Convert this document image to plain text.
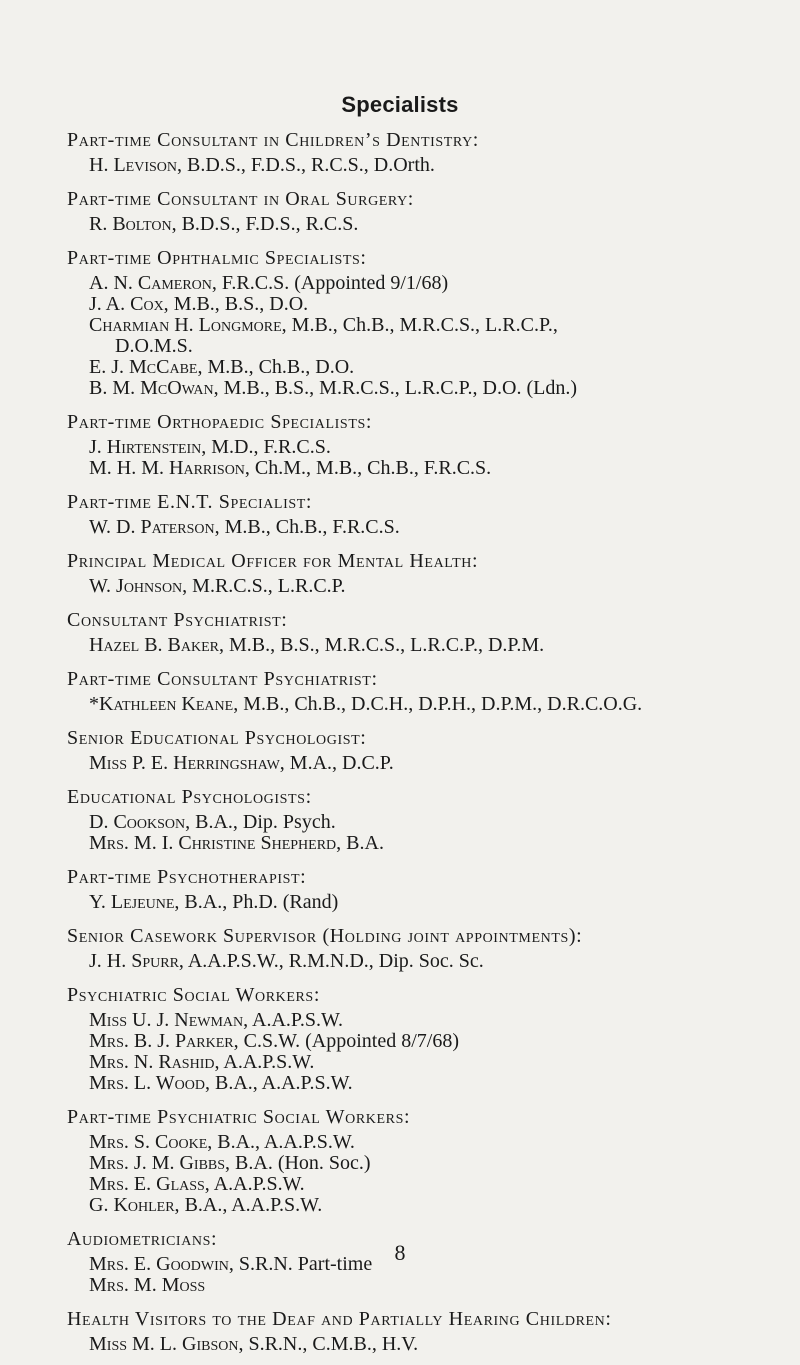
Specialists
Part-time Consultant in Children’s Dentistry:
H. Levison, B.D.S., F.D.S., R.C.S., D.Orth.
Part-time Consultant in Oral Surgery:
R. Bolton, B.D.S., F.D.S., R.C.S.
Part-time Ophthalmic Specialists:
A. N. Cameron, F.R.C.S. (Appointed 9/1/68)
J. A. Cox, M.B., B.S., D.O.
Charmian H. Longmore, M.B., Ch.B., M.R.C.S., L.R.C.P.,
D.O.M.S.
E. J. McCabe, M.B., Ch.B., D.O.
B. M. McOwan, M.B., B.S., M.R.C.S., L.R.C.P., D.O. (Ldn.)
Part-time Orthopaedic Specialists:
J. Hirtenstein, M.D., F.R.C.S.
M. H. M. Harrison, Ch.M., M.B., Ch.B., F.R.C.S.
Part-time E.N.T. Specialist:
W. D. Paterson, M.B., Ch.B., F.R.C.S.
Principal Medical Officer for Mental Health:
W. Johnson, M.R.C.S., L.R.C.P.
Consultant Psychiatrist:
Hazel B. Baker, M.B., B.S., M.R.C.S., L.R.C.P., D.P.M.
Part-time Consultant Psychiatrist:
*Kathleen Keane, M.B., Ch.B., D.C.H., D.P.H., D.P.M., D.R.C.O.G.
Senior Educational Psychologist:
Miss P. E. Herringshaw, M.A., D.C.P.
Educational Psychologists:
D. Cookson, B.A., Dip. Psych.
Mrs. M. I. Christine Shepherd, B.A.
Part-time Psychotherapist:
Y. Lejeune, B.A., Ph.D. (Rand)
Senior Casework Supervisor (Holding joint appointments):
J. H. Spurr, A.A.P.S.W., R.M.N.D., Dip. Soc. Sc.
Psychiatric Social Workers:
Miss U. J. Newman, A.A.P.S.W.
Mrs. B. J. Parker, C.S.W. (Appointed 8/7/68)
Mrs. N. Rashid, A.A.P.S.W.
Mrs. L. Wood, B.A., A.A.P.S.W.
Part-time Psychiatric Social Workers:
Mrs. S. Cooke, B.A., A.A.P.S.W.
Mrs. J. M. Gibbs, B.A. (Hon. Soc.)
Mrs. E. Glass, A.A.P.S.W.
G. Kohler, B.A., A.A.P.S.W.
Audiometricians:
Mrs. E. Goodwin, S.R.N. Part-time
Mrs. M. Moss
Health Visitors to the Deaf and Partially Hearing Children:
Miss M. L. Gibson, S.R.N., C.M.B., H.V.
8
